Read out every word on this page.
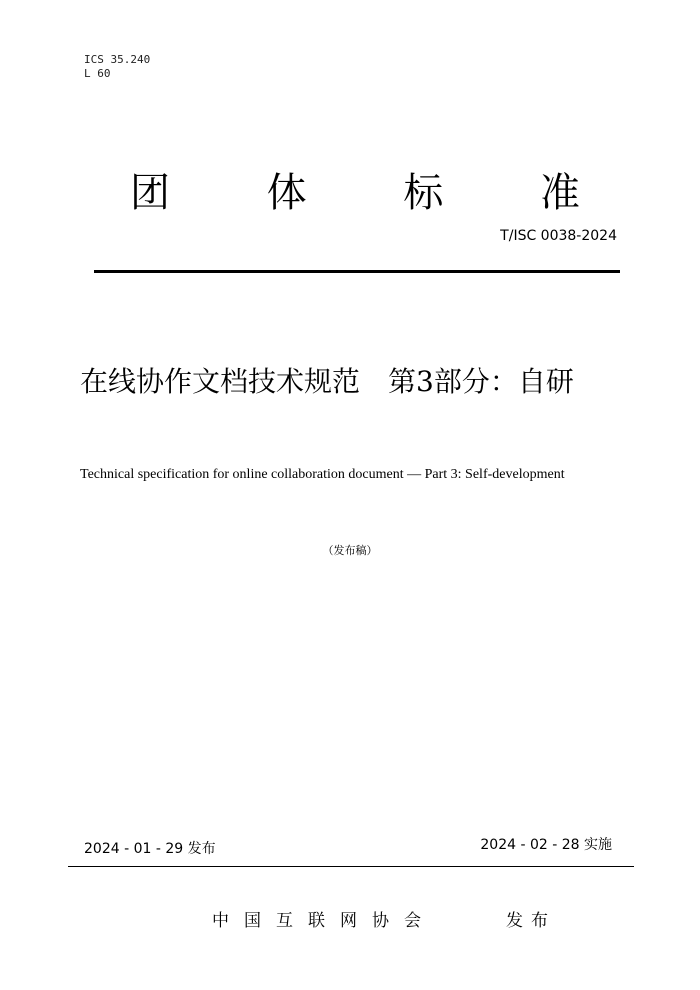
ICS 35.240
L 60
团 体 标 准
T/ISC 0038-2024
在线协作文档技术规范　第3部分：自研
Technical specification for online collaboration document — Part 3: Self-development
（发布稿）
2024 - 01 - 29 发布	2024 - 02 - 28 实施
中国互联网协会	发布
